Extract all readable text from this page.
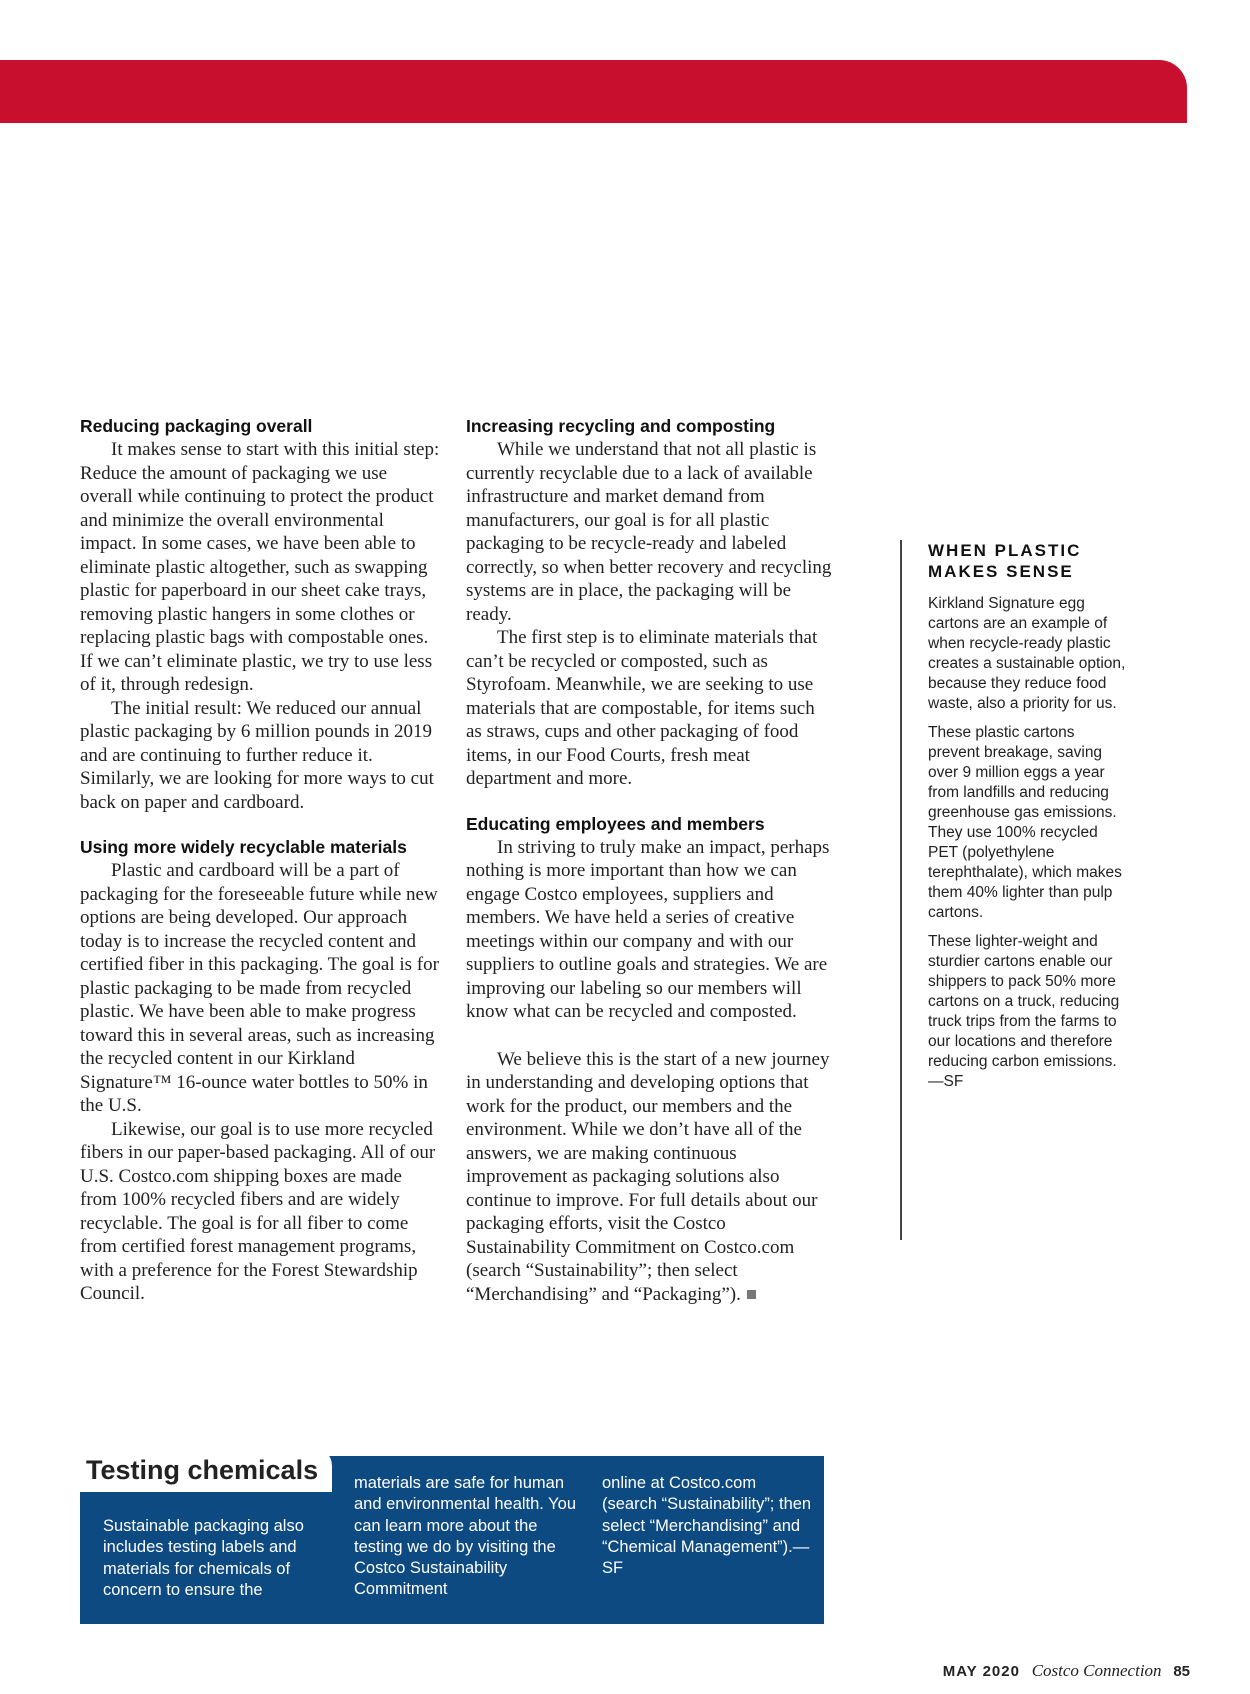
Reducing packaging overall

It makes sense to start with this initial step: Reduce the amount of packaging we use overall while continuing to protect the product and minimize the overall environmental impact. In some cases, we have been able to eliminate plastic altogether, such as swapping plastic for paperboard in our sheet cake trays, removing plastic hangers in some clothes or replacing plastic bags with compostable ones. If we can’t eliminate plastic, we try to use less of it, through redesign.

The initial result: We reduced our annual plastic packaging by 6 million pounds in 2019 and are continuing to further reduce it. Similarly, we are looking for more ways to cut back on paper and cardboard.

Using more widely recyclable materials

Plastic and cardboard will be a part of packaging for the foreseeable future while new options are being developed. Our approach today is to increase the recycled content and certified fiber in this packaging. The goal is for plastic packaging to be made from recycled plastic. We have been able to make progress toward this in several areas, such as increasing the recycled content in our Kirkland Signature™ 16-ounce water bottles to 50% in the U.S.

Likewise, our goal is to use more recycled fibers in our paper-based packaging. All of our U.S. Costco.com shipping boxes are made from 100% recycled fibers and are widely recyclable. The goal is for all fiber to come from certified forest management programs, with a preference for the Forest Stewardship Council.

Increasing recycling and composting

While we understand that not all plastic is currently recyclable due to a lack of available infrastructure and market demand from manufacturers, our goal is for all plastic packaging to be recycle-ready and labeled correctly, so when better recovery and recycling systems are in place, the packaging will be ready.

The first step is to eliminate materials that can’t be recycled or composted, such as Styrofoam. Meanwhile, we are seeking to use materials that are compostable, for items such as straws, cups and other packaging of food items, in our Food Courts, fresh meat department and more.

Educating employees and members

In striving to truly make an impact, perhaps nothing is more important than how we can engage Costco employees, suppliers and members. We have held a series of creative meetings within our company and with our suppliers to outline goals and strategies. We are improving our labeling so our members will know what can be recycled and composted.

We believe this is the start of a new journey in understanding and developing options that work for the product, our members and the environment. While we don’t have all of the answers, we are making continuous improvement as packaging solutions also continue to improve. For full details about our packaging efforts, visit the Costco Sustainability Commitment on Costco.com (search “Sustainability”; then select “Merchandising” and “Packaging”).

WHEN PLASTIC MAKES SENSE

Kirkland Signature egg cartons are an example of when recycle-ready plastic creates a sustainable option, because they reduce food waste, also a priority for us.

These plastic cartons prevent breakage, saving over 9 million eggs a year from landfills and reducing greenhouse gas emissions. They use 100% recycled PET (polyethylene terephthalate), which makes them 40% lighter than pulp cartons.

These lighter-weight and sturdier cartons enable our shippers to pack 50% more cartons on a truck, reducing truck trips from the farms to our locations and therefore reducing carbon emissions.—SF

Testing chemicals
Sustainable packaging also includes testing labels and materials for chemicals of concern to ensure the
materials are safe for human and environmental health. You can learn more about the testing we do by visiting the Costco Sustainability Commitment
online at Costco.com (search “Sustainability”; then select “Merchandising” and “Chemical Management”).—SF
MAY 2020 Costco Connection 85
